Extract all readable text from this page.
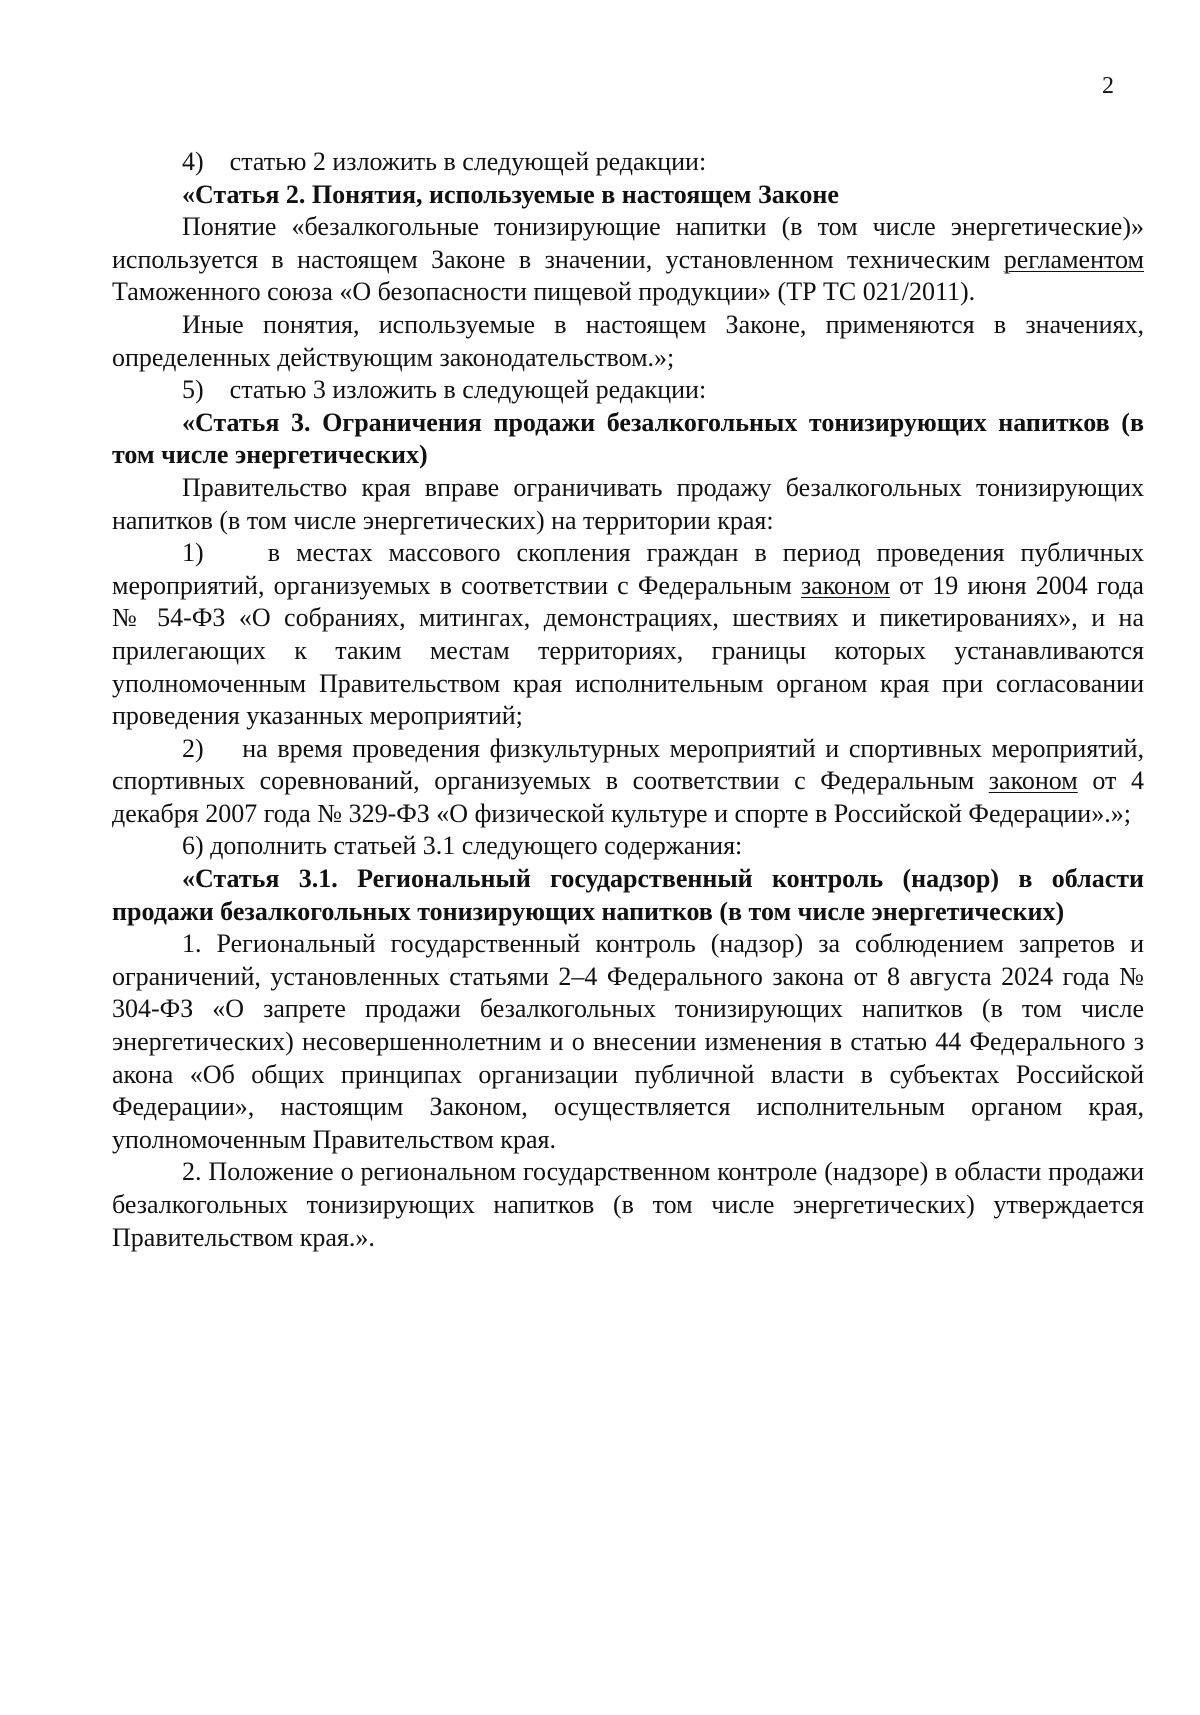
2

4)    статью 2 изложить в следующей редакции:

«Статья 2. Понятия, используемые в настоящем Законе

Понятие «безалкогольные тонизирующие напитки (в том числе энергетические)» используется в настоящем Законе в значении, установленном техническим регламентом Таможенного союза «О безопасности пищевой продукции» (ТР ТС 021/2011).

Иные понятия, используемые в настоящем Законе, применяются в значениях, определенных действующим законодательством.»;

5)    статью 3 изложить в следующей редакции:

«Статья 3. Ограничения продажи безалкогольных тонизирующих напитков (в том числе энергетических)

Правительство края вправе ограничивать продажу безалкогольных тонизирующих напитков (в том числе энергетических) на территории края:

1)    в местах массового скопления граждан в период проведения публичных мероприятий, организуемых в соответствии с Федеральным законом от 19 июня 2004 года № 54-ФЗ «О собраниях, митингах, демонстрациях, шествиях и пикетированиях», и на прилегающих к таким местам территориях, границы которых устанавливаются уполномоченным Правительством края исполнительным органом края при согласовании проведения указанных мероприятий;

2)    на время проведения физкультурных мероприятий и спортивных мероприятий, спортивных соревнований, организуемых в соответствии с Федеральным законом от 4 декабря 2007 года № 329-ФЗ «О физической культуре и спорте в Российской Федерации».»;

6) дополнить статьей 3.1 следующего содержания:

«Статья 3.1. Региональный государственный контроль (надзор) в области продажи безалкогольных тонизирующих напитков (в том числе энергетических)

1. Региональный государственный контроль (надзор) за соблюдением запретов и ограничений, установленных статьями 2–4 Федерального закона от 8 августа 2024 года № 304-ФЗ «О запрете продажи безалкогольных тонизирующих напитков (в том числе энергетических) несовершеннолетним и о внесении изменения в статью 44 Федерального з акона «Об общих принципах организации публичной власти в субъектах Российской Федерации», настоящим Законом, осуществляется исполнительным органом края, уполномоченным Правительством края.

2. Положение о региональном государственном контроле (надзоре) в области продажи безалкогольных тонизирующих напитков (в том числе энергетических) утверждается Правительством края.».
